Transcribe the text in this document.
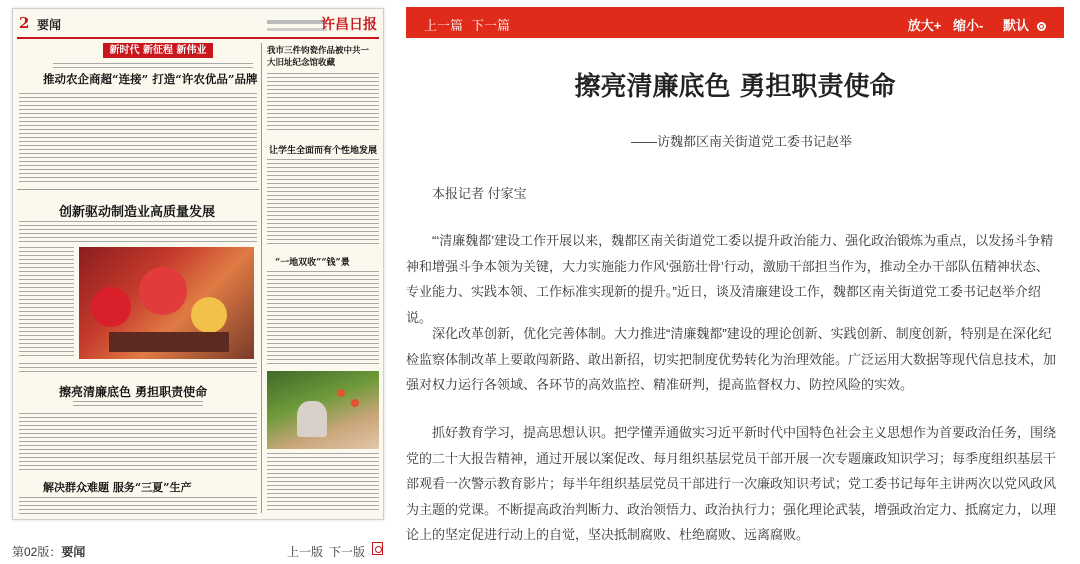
2 要闻	许昌日报
新时代 新征程 新伟业
推动农企商超“连接” 打造“许农优品”品牌
创新驱动制造业高质量发展
擦亮清廉底色 勇担职责使命
解决群众难题 服务“三夏”生产
我市三件钧瓷作品被中共一大旧址纪念馆收藏
让学生全面而有个性地发展
“一地双收”“钱”景
第02版：要闻	上一版 下一版
上一篇 下一篇	放大+ 缩小- 默认
擦亮清廉底色 勇担职责使命
——访魏都区南关街道党工委书记赵举
本报记者 付家宝

“‘清廉魏都’建设工作开展以来，魏都区南关街道党工委以提升政治能力、强化政治锻炼为重点，以发扬斗争精神和增强斗争本领为关键，大力实施能力作风‘强筋壮骨’行动，激励干部担当作为，推动全办干部队伍精神状态、专业能力、实践本领、工作标准实现新的提升。”近日，谈及清廉建设工作，魏都区南关街道党工委书记赵举介绍说。

深化改革创新，优化完善体制。大力推进“清廉魏都”建设的理论创新、实践创新、制度创新，特别是在深化纪检监察体制改革上要敢闯新路、敢出新招，切实把制度优势转化为治理效能。广泛运用大数据等现代信息技术，加强对权力运行各领域、各环节的高效监控、精准研判，提高监督权力、防控风险的实效。

抓好教育学习，提高思想认识。把学懂弄通做实习近平新时代中国特色社会主义思想作为首要政治任务，围绕党的二十大报告精神，通过开展以案促改、每月组织基层党员干部开展一次专题廉政知识学习；每季度组织基层干部观看一次警示教育影片；每半年组织基层党员干部进行一次廉政知识考试；党工委书记每年主讲两次以党风政风为主题的党课。不断提高政治判断力、政治领悟力、政治执行力；强化理论武装，增强政治定力、抵腐定力，以理论上的坚定促进行动上的自觉，坚决抵制腐败、杜绝腐败、远离腐败。
